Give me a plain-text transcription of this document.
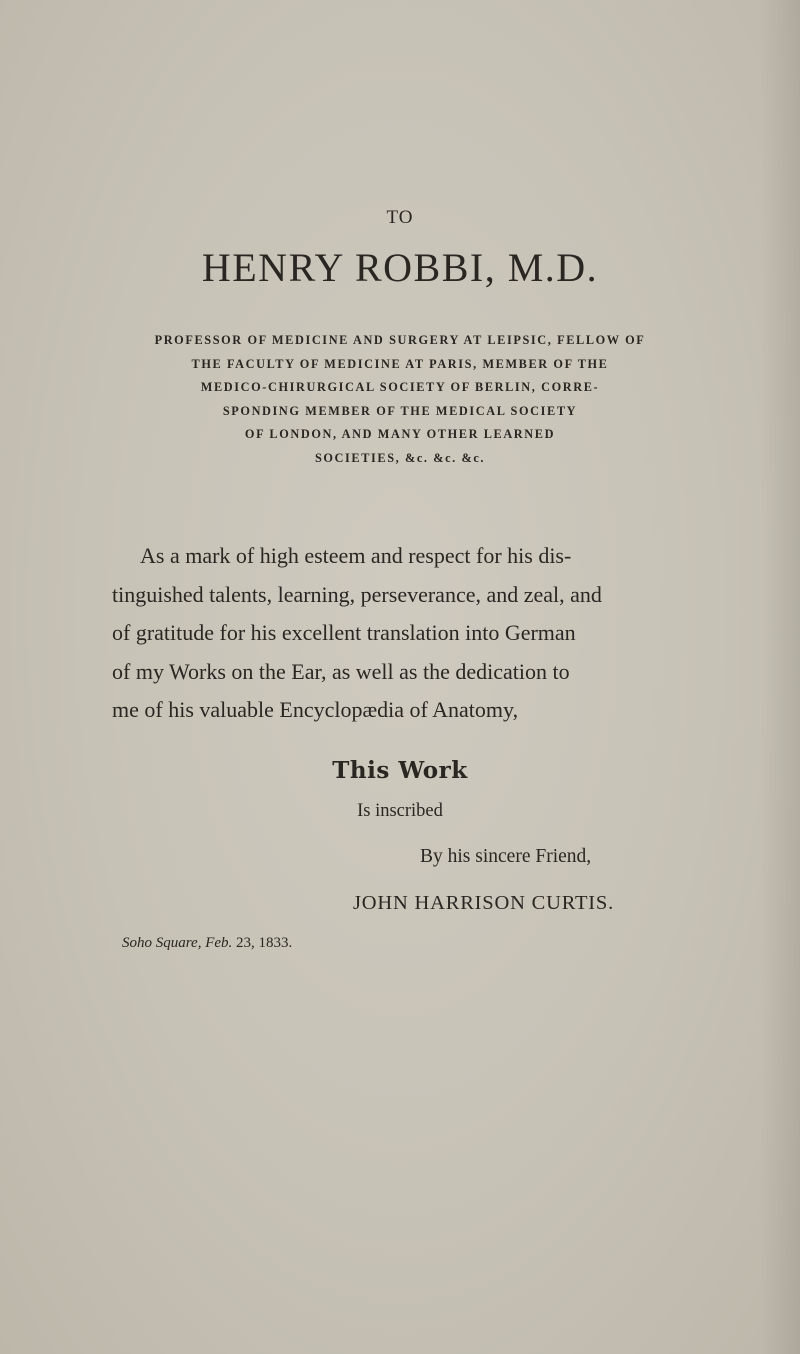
TO
HENRY ROBBI, M.D.
PROFESSOR OF MEDICINE AND SURGERY AT LEIPSIC, FELLOW OF
THE FACULTY OF MEDICINE AT PARIS, MEMBER OF THE
MEDICO-CHIRURGICAL SOCIETY OF BERLIN, CORRE-
SPONDING MEMBER OF THE MEDICAL SOCIETY
OF LONDON, AND MANY OTHER LEARNED
SOCIETIES, &c. &c. &c.
As a mark of high esteem and respect for his dis-
tinguished talents, learning, perseverance, and zeal, and
of gratitude for his excellent translation into German
of my Works on the Ear, as well as the dedication to
me of his valuable Encyclopædia of Anatomy,
This Work
Is inscribed
By his sincere Friend,
JOHN HARRISON CURTIS.
Soho Square, Feb. 23, 1833.
